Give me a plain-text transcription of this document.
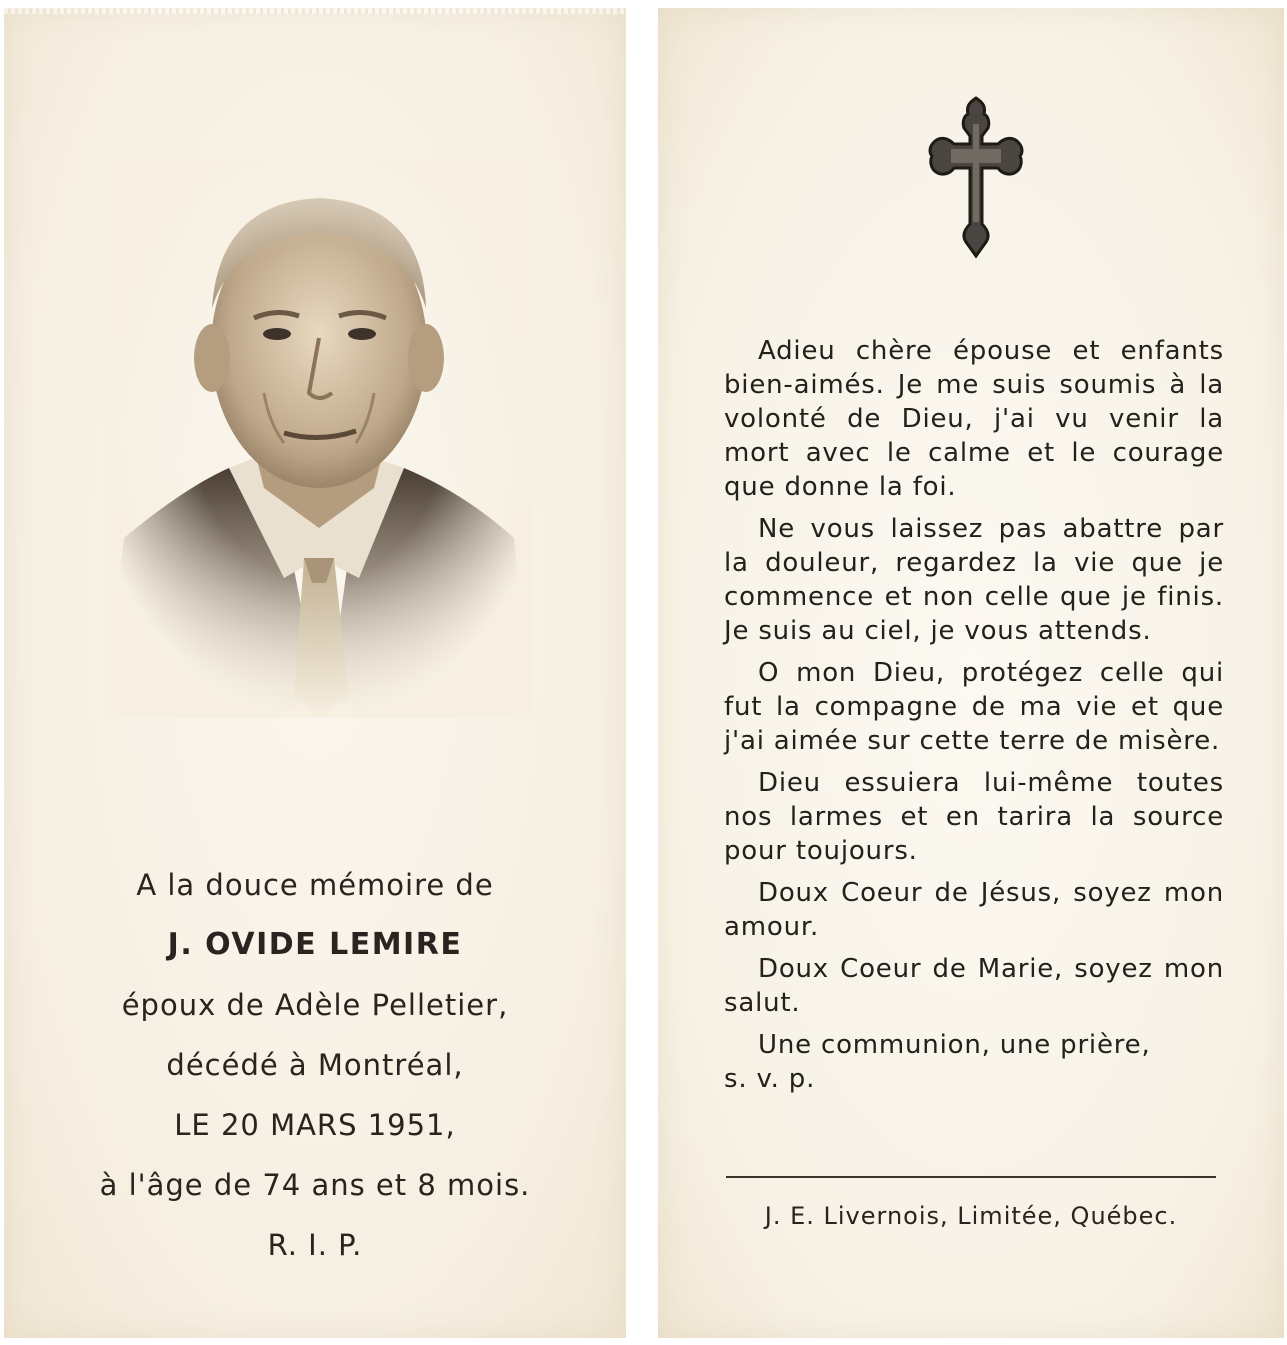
A la douce mémoire de
J. OVIDE LEMIRE
époux de Adèle Pelletier,
décédé à Montréal,
LE 20 MARS 1951,
à l'âge de 74 ans et 8 mois.
R. I. P.

Adieu chère épouse et enfants bien-aimés. Je me suis soumis à la volonté de Dieu, j'ai vu venir la mort avec le calme et le courage que donne la foi.

Ne vous laissez pas abattre par la douleur, regardez la vie que je commence et non celle que je finis. Je suis au ciel, je vous attends.

O mon Dieu, protégez celle qui fut la compagne de ma vie et que j'ai aimée sur cette terre de misère.

Dieu essuiera lui-même toutes nos larmes et en tarira la source pour toujours.

Doux Coeur de Jésus, soyez mon amour.

Doux Coeur de Marie, soyez mon salut.

Une communion, une prière,

s. v. p.

J. E. Livernois, Limitée, Québec.
